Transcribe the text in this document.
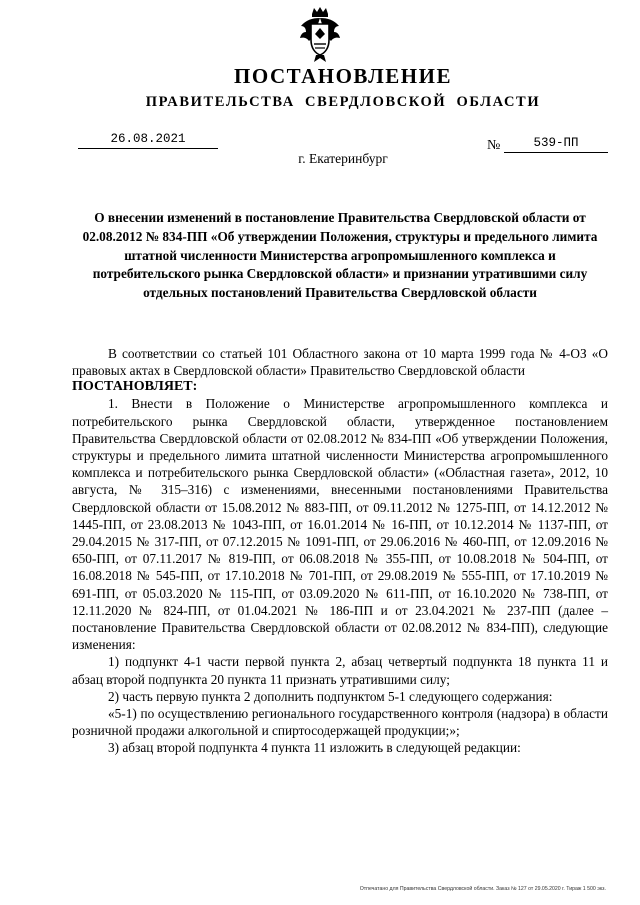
ПОСТАНОВЛЕНИЕ
ПРАВИТЕЛЬСТВА СВЕРДЛОВСКОЙ ОБЛАСТИ
26.08.2021	№	539-ПП
г. Екатеринбург
О внесении изменений в постановление Правительства Свердловской области от 02.08.2012 № 834-ПП «Об утверждении Положения, структуры и предельного лимита штатной численности Министерства агропромышленного комплекса и потребительского рынка Свердловской области» и признании утратившими силу отдельных постановлений Правительства Свердловской области

В соответствии со статьей 101 Областного закона от 10 марта 1999 года № 4-ОЗ «О правовых актах в Свердловской области» Правительство Свердловской области

ПОСТАНОВЛЯЕТ:

1. Внести в Положение о Министерстве агропромышленного комплекса и потребительского рынка Свердловской области, утвержденное постановлением Правительства Свердловской области от 02.08.2012 № 834-ПП «Об утверждении Положения, структуры и предельного лимита штатной численности Министерства агропромышленного комплекса и потребительского рынка Свердловской области» («Областная газета», 2012, 10 августа, № 315–316) с изменениями, внесенными постановлениями Правительства Свердловской области от 15.08.2012 № 883-ПП, от 09.11.2012 № 1275-ПП, от 14.12.2012 № 1445-ПП, от 23.08.2013 № 1043-ПП, от 16.01.2014 № 16-ПП, от 10.12.2014 № 1137-ПП, от 29.04.2015 № 317-ПП, от 07.12.2015 № 1091-ПП, от 29.06.2016 № 460-ПП, от 12.09.2016 № 650-ПП, от 07.11.2017 № 819-ПП, от 06.08.2018 № 355-ПП, от 10.08.2018 № 504-ПП, от 16.08.2018 № 545-ПП, от 17.10.2018 № 701-ПП, от 29.08.2019 № 555-ПП, от 17.10.2019 № 691-ПП, от 05.03.2020 № 115-ПП, от 03.09.2020 № 611-ПП, от 16.10.2020 № 738-ПП, от 12.11.2020 № 824-ПП, от 01.04.2021 № 186-ПП и от 23.04.2021 № 237-ПП (далее – постановление Правительства Свердловской области от 02.08.2012 № 834-ПП), следующие изменения:

1) подпункт 4-1 части первой пункта 2, абзац четвертый подпункта 18 пункта 11 и абзац второй подпункта 20 пункта 11 признать утратившими силу;

2) часть первую пункта 2 дополнить подпунктом 5-1 следующего содержания:

«5-1) по осуществлению регионального государственного контроля (надзора) в области розничной продажи алкогольной и спиртосодержащей продукции;»;

3) абзац второй подпункта 4 пункта 11 изложить в следующей редакции:

Отпечатано для Правительства Свердловской области. Заказ № 127 от 29.05.2020 г. Тираж 1 500 экз.
